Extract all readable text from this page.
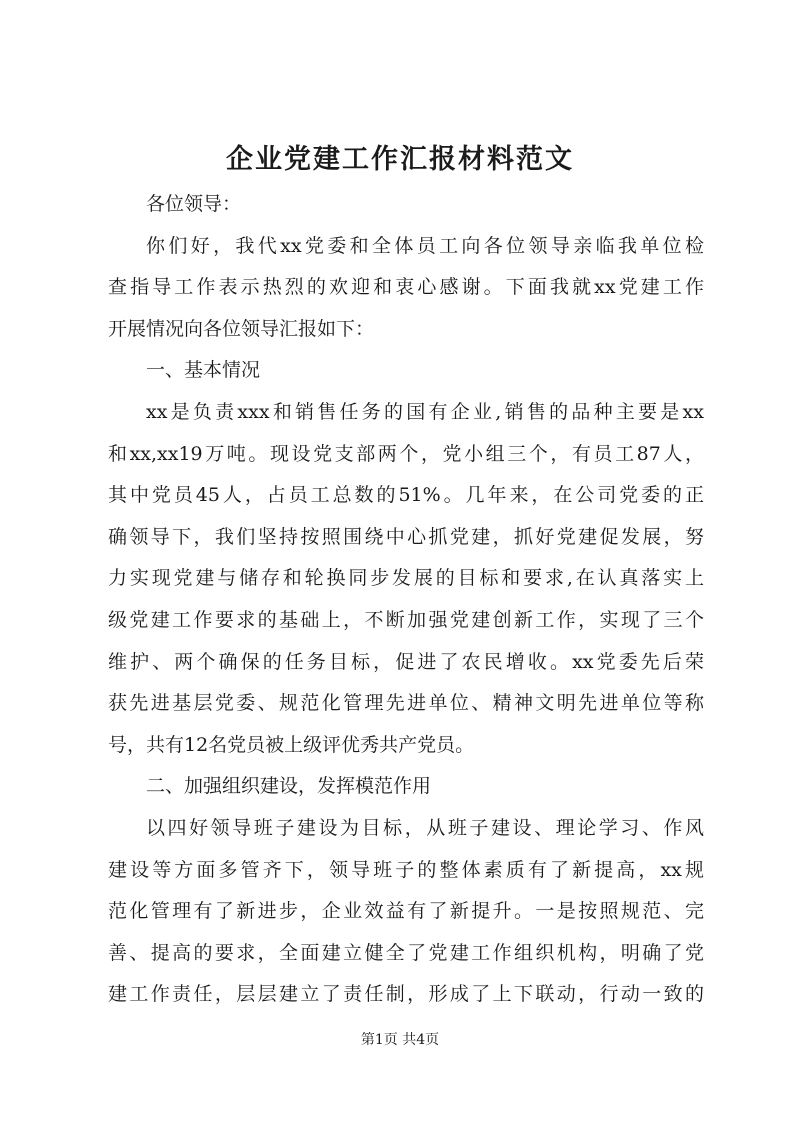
企业党建工作汇报材料范文
各位领导：
你们好，我代xx党委和全体员工向各位领导亲临我单位检
查指导工作表示热烈的欢迎和衷心感谢。下面我就xx党建工作
开展情况向各位领导汇报如下：
一、基本情况
xx是负责xxx和销售任务的国有企业,销售的品种主要是xx
和xx,xx19万吨。现设党支部两个，党小组三个，有员工87人，
其中党员45人，占员工总数的51%。几年来，在公司党委的正
确领导下，我们坚持按照围绕中心抓党建，抓好党建促发展，努
力实现党建与储存和轮换同步发展的目标和要求,在认真落实上
级党建工作要求的基础上，不断加强党建创新工作，实现了三个
维护、两个确保的任务目标，促进了农民增收。xx党委先后荣
获先进基层党委、规范化管理先进单位、精神文明先进单位等称
号，共有12名党员被上级评优秀共产党员。
二、加强组织建设，发挥模范作用
以四好领导班子建设为目标，从班子建设、理论学习、作风
建设等方面多管齐下，领导班子的整体素质有了新提高，xx规
范化管理有了新进步，企业效益有了新提升。一是按照规范、完
善、提高的要求，全面建立健全了党建工作组织机构，明确了党
建工作责任，层层建立了责任制，形成了上下联动，行动一致的
第1页 共4页
